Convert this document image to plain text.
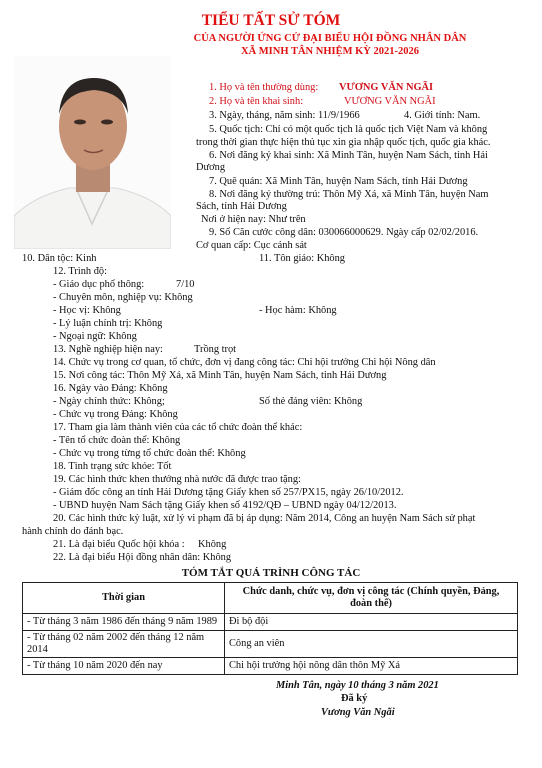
TIỂU TẤT SỬ TÓM
CỦA NGƯỜI ỨNG CỬ ĐẠI BIỂU HỘI ĐỒNG NHÂN DÂN
XÃ MINH TÂN NHIỆM KỲ 2021-2026
1. Họ và tên thường dùng: VƯƠNG VĂN NGÃI
2. Họ và tên khai sinh:	VƯƠNG VĂN NGÃI
3. Ngày, tháng, năm sinh: 11/9/1966	4. Giới tính: Nam.
5. Quốc tịch: Chỉ có một quốc tịch là quốc tịch Việt Nam và không
trong thời gian thực hiện thủ tục xin gia nhập quốc tịch, quốc gia khác.
6. Nơi đăng ký khai sinh: Xã Minh Tân, huyện Nam Sách, tỉnh Hải
Dương
7. Quê quán: Xã Minh Tân, huyện Nam Sách, tỉnh Hải Dương
8. Nơi đăng ký thường trú: Thôn Mỹ Xá, xã Minh Tân, huyện Nam
Sách, tỉnh Hải Dương
Nơi ở hiện nay: Như trên
9. Số Căn cước công dân: 030066000629. Ngày cấp 02/02/2016.
Cơ quan cấp: Cục cảnh sát
10. Dân tộc: Kinh	11. Tôn giáo: Không
12. Trình độ:
- Giáo dục phổ thông:	7/10
- Chuyên môn, nghiệp vụ: Không
- Học vị: Không	- Học hàm: Không
- Lý luận chính trị: Không
- Ngoại ngữ: Không
13. Nghề nghiệp hiện nay:	Trồng trọt
14. Chức vụ trong cơ quan, tổ chức, đơn vị đang công tác: Chi hội trưởng Chi hội Nông dân
15. Nơi công tác: Thôn Mỹ Xá, xã Minh Tân, huyện Nam Sách, tỉnh Hải Dương
16. Ngày vào Đảng: Không
- Ngày chính thức: Không;	Số thẻ đảng viên: Không
- Chức vụ trong Đảng: Không
17. Tham gia làm thành viên của các tổ chức đoàn thể khác:
- Tên tổ chức đoàn thể: Không
- Chức vụ trong từng tổ chức đoàn thể: Không
18. Tình trạng sức khỏe: Tốt
19. Các hình thức khen thưởng nhà nước đã được trao tặng:
- Giám đốc công an tỉnh Hải Dương tặng Giấy khen số 257/PX15, ngày 26/10/2012.
- UBND huyện Nam Sách tặng Giấy khen số 4192/QĐ – UBND ngày 04/12/2013.
20. Các hình thức kỷ luật, xử lý vi phạm đã bị áp dụng: Năm 2014, Công an huyện Nam Sách sử phạt
hành chính do đánh bạc.
21. Là đại biểu Quốc hội khóa : Không
22. Là đại biểu Hội đồng nhân dân: Không
TÓM TẮT QUÁ TRÌNH CÔNG TÁC
Thời gian	Chức danh, chức vụ, đơn vị công tác (Chính quyền, Đảng,
đoàn thể)
- Từ tháng 3 năm 1986 đến tháng 9 năm 1989	Đi bộ đội
- Từ tháng 02 năm 2002 đến tháng 12 năm
2014	Công an viên
- Từ tháng 10 năm 2020 đến nay	Chi hội trưởng hội nông dân thôn Mỹ Xá
Minh Tân, ngày 10 tháng 3 năm 2021
Đã ký
Vương Văn Ngãi
